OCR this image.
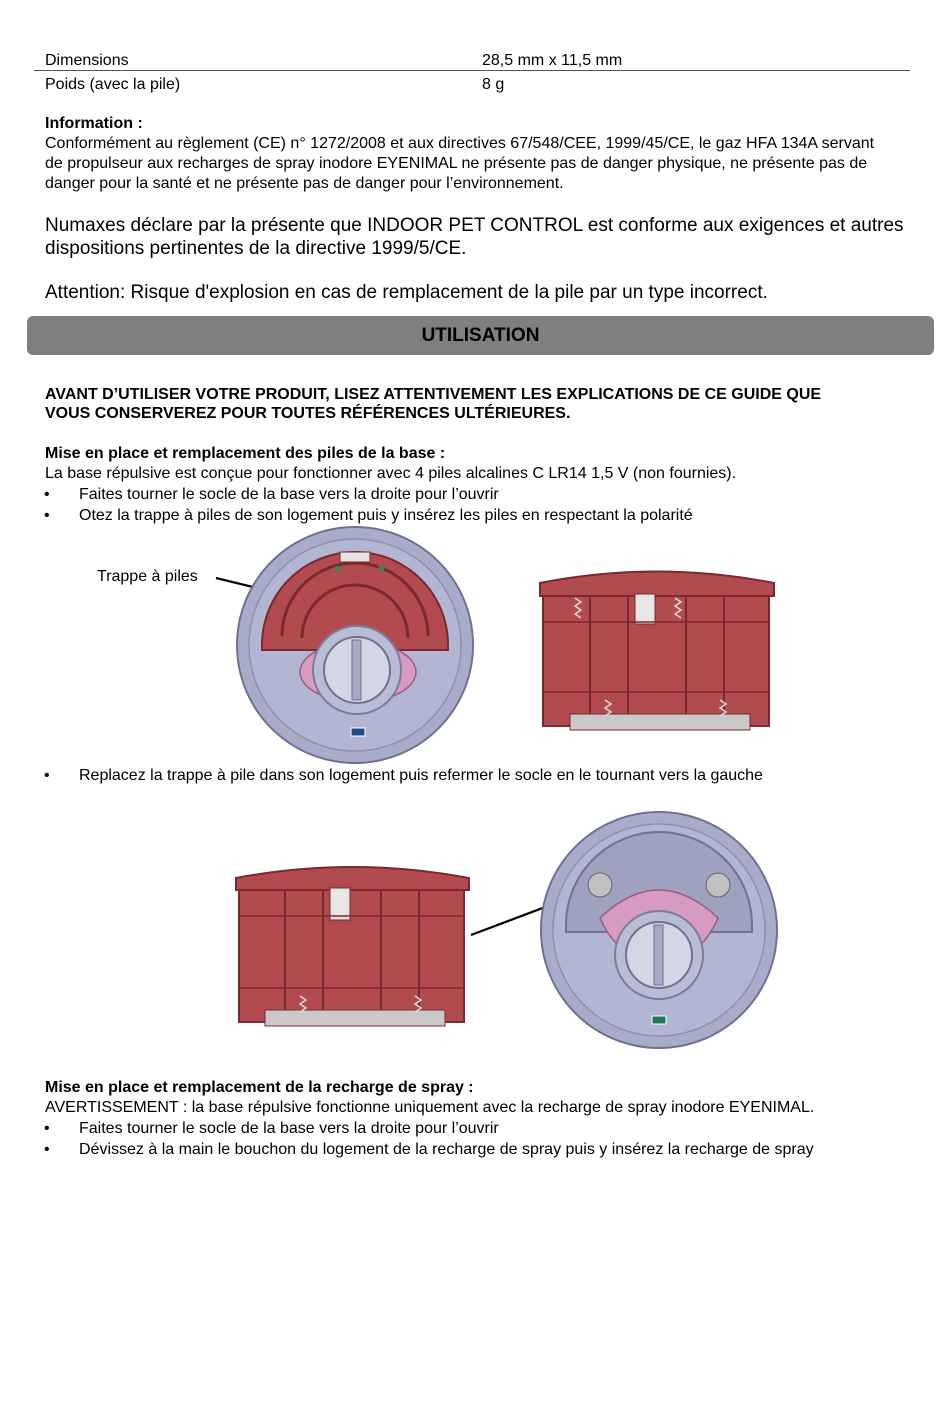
Dimensions	28,5 mm x 11,5 mm
Poids (avec la pile)	8 g
Information :
Conformément au règlement (CE) n° 1272/2008 et aux directives 67/548/CEE, 1999/45/CE, le gaz HFA 134A servant
de propulseur aux recharges de spray inodore EYENIMAL ne présente pas de danger physique, ne présente pas de
danger pour la santé et ne présente pas de danger pour l’environnement.
Numaxes déclare par la présente que INDOOR PET CONTROL est conforme aux exigences et autres
dispositions pertinentes de la directive 1999/5/CE.
Attention: Risque d'explosion en cas de remplacement de la pile par un type incorrect.
UTILISATION
AVANT D’UTILISER VOTRE PRODUIT, LISEZ ATTENTIVEMENT LES EXPLICATIONS DE CE GUIDE QUE
VOUS CONSERVEREZ POUR TOUTES RÉFÉRENCES ULTÉRIEURES.
Mise en place et remplacement des piles de la base :
La base répulsive est conçue pour fonctionner avec 4 piles alcalines C LR14 1,5 V (non fournies).
• Faites tourner le socle de la base vers la droite pour l’ouvrir
• Otez la trappe à piles de son logement puis y insérez les piles en respectant la polarité
Trappe à piles
• Replacez la trappe à pile dans son logement puis refermer le socle en le tournant vers la gauche
Mise en place et remplacement de la recharge de spray :
AVERTISSEMENT : la base répulsive fonctionne uniquement avec la recharge de spray inodore EYENIMAL.
• Faites tourner le socle de la base vers la droite pour l’ouvrir
• Dévissez à la main le bouchon du logement de la recharge de spray puis y insérez la recharge de spray
